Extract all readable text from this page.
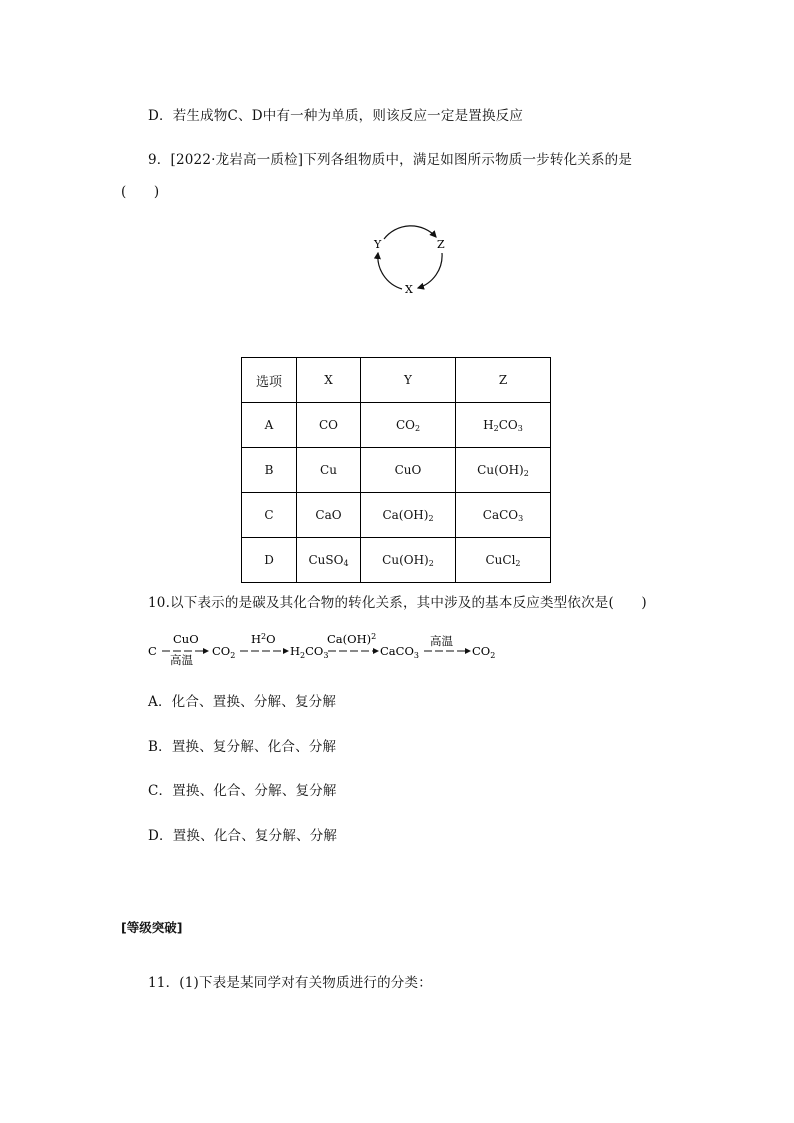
D．若生成物C、D中有一种为单质，则该反应一定是置换反应
9．[2022·龙岩高一质检]下列各组物质中，满足如图所示物质一步转化关系的是
(　　)
Y	Z
X
选项	X	Y	Z
A	CO	$CO_2$	$H_2CO_3$
B	Cu	CuO	$Cu(OH)_2$
C	CaO	$Ca(OH)_2$	CaCO$_3$
D	CuSO$_4$	$Cu(OH)_2$	CuCl$_2$
10.以下表示的是碳及其化合物的转化关系，其中涉及的基本反应类型依次是(　　)
C
CuO
高温
$CO_2$
$H^2O$
$H_2CO_3$
Ca(OH)$^2$
CaCO$_3$
高温
$CO_2$
A．化合、置换、分解、复分解
B．置换、复分解、化合、分解
C．置换、化合、分解、复分解
D．置换、化合、复分解、分解
[等级突破]
11．(1)下表是某同学对有关物质进行的分类：
